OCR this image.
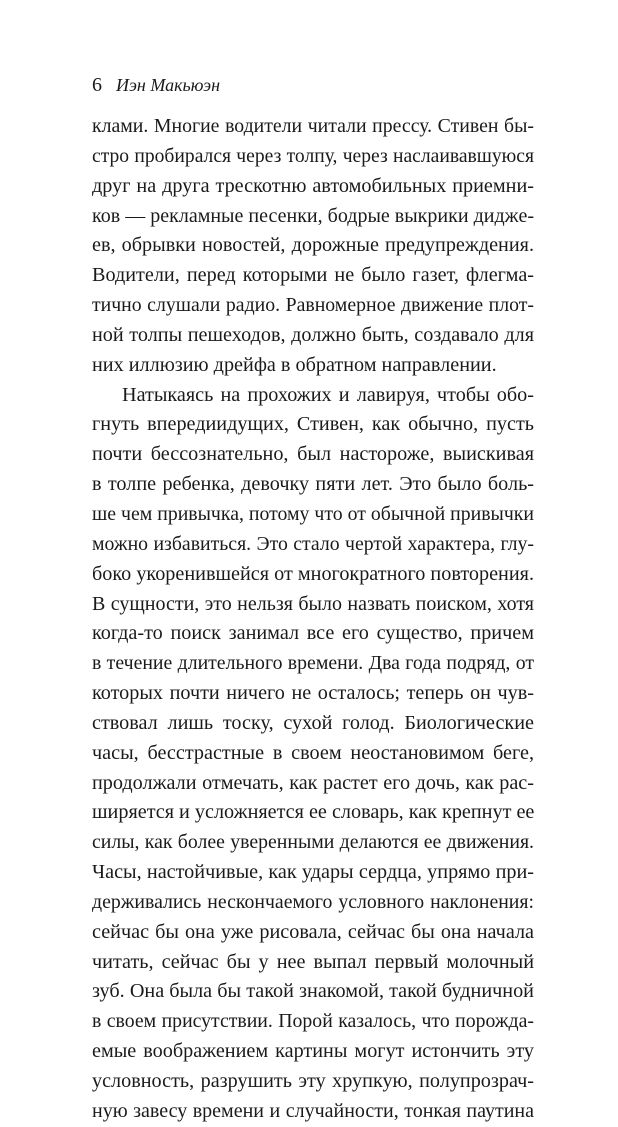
6 Иэн Макьюэн
клами. Многие водители читали прессу. Стивен бы-
стро пробирался через толпу, через наслаивавшуюся
друг на друга трескотню автомобильных приемни-
ков — рекламные песенки, бодрые выкрики диджe-
ев, обрывки новостей, дорожные предупреждения.
Водители, перед которыми не было газет, флегма-
тично слушали радио. Равномерное движение плот-
ной толпы пешеходов, должно быть, создавало для
них иллюзию дрейфа в обратном направлении.
Натыкаясь на прохожих и лавируя, чтобы обо-
гнуть впередиидущих, Стивен, как обычно, пусть
почти бессознательно, был настороже, выискивая
в толпе ребенка, девочку пяти лет. Это было боль-
ше чем привычка, потому что от обычной привычки
можно избавиться. Это стало чертой характера, глу-
боко укоренившейся от многократного повторения.
В сущности, это нельзя было назвать поиском, хотя
когда-то поиск занимал все его существо, причем
в течение длительного времени. Два года подряд, от
которых почти ничего не осталось; теперь он чув-
ствовал лишь тоску, сухой голод. Биологические
часы, бесстрастные в своем неостановимом беге,
продолжали отмечать, как растет его дочь, как рас-
ширяется и усложняется ее словарь, как крепнут ее
силы, как более уверенными делаются ее движения.
Часы, настойчивые, как удары сердца, упрямо при-
держивались нескончаемого условного наклонения:
сейчас бы она уже рисовала, сейчас бы она начала
читать, сейчас бы у нее выпал первый молочный
зуб. Она была бы такой знакомой, такой будничной
в своем присутствии. Порой казалось, что порожда-
емые воображением картины могут истончить эту
условность, разрушить эту хрупкую, полупрозрач-
ную завесу времени и случайности, тонкая паутина
